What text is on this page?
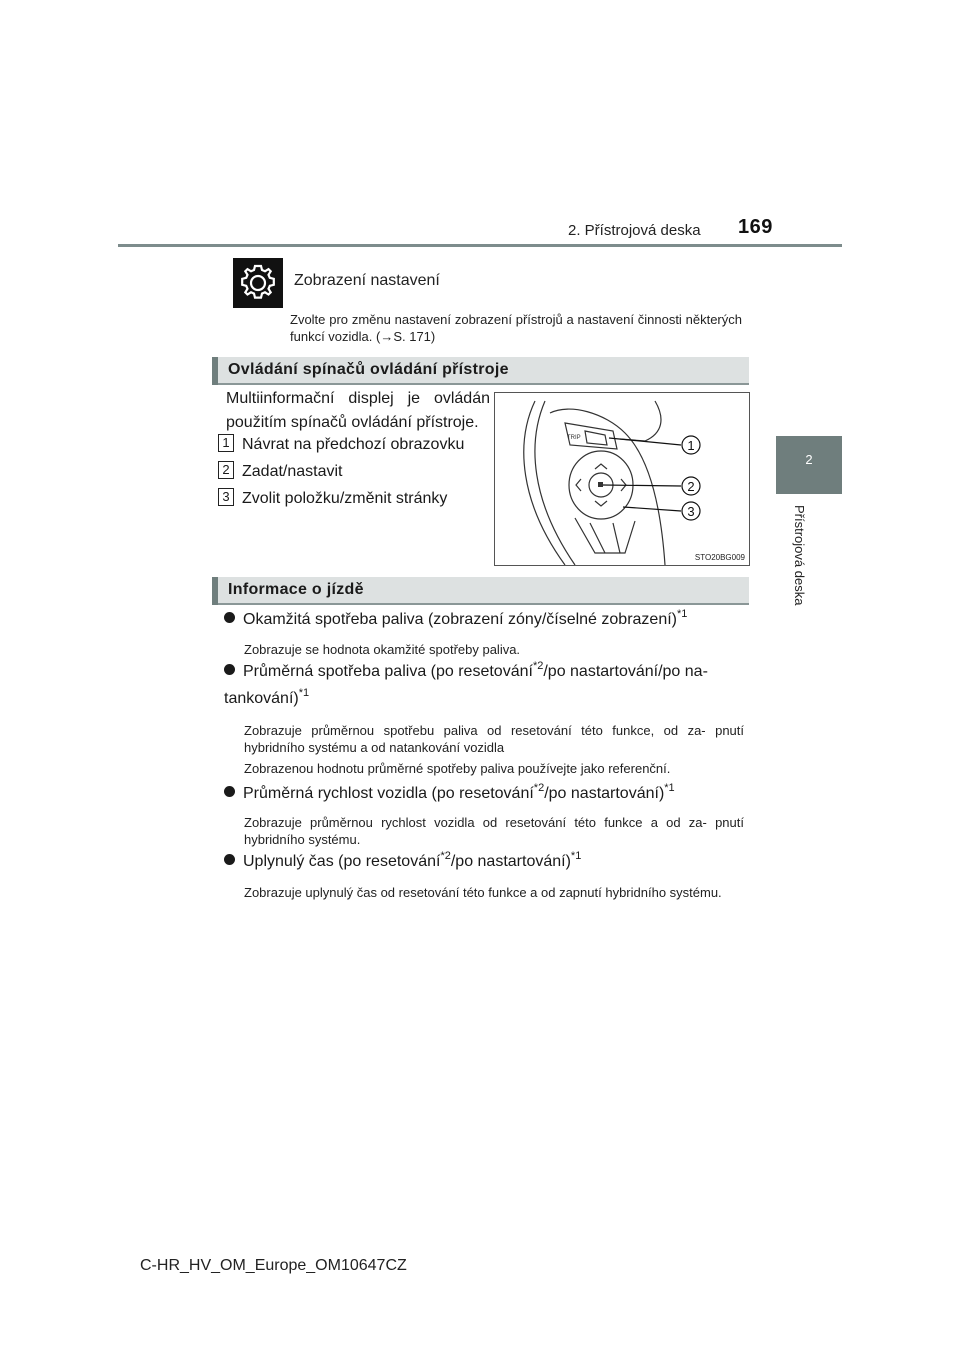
2. Přístrojová deska 169
2
Přístrojová deska
Zobrazení nastavení
Zvolte pro změnu nastavení zobrazení přístrojů a nastavení činnosti některých funkcí vozidla. (→S. 171)
Ovládání spínačů ovládání přístroje
Multiinformační displej je ovládán použitím spínačů ovládání přístroje.
1 Návrat na předchozí obrazovku
2 Zadat/nastavit
3 Zvolit položku/změnit stránky
TRIP	1
2
3
STO20BG009
Informace o jízdě
Okamžitá spotřeba paliva (zobrazení zóny/číselné zobrazení)$^{*1}$
Zobrazuje se hodnota okamžité spotřeby paliva.
Průměrná spotřeba paliva (po resetování$^{*2}$/po nastartování/po na-
tankování)$^{*1}$
Zobrazuje průměrnou spotřebu paliva od resetování této funkce, od za- pnutí hybridního systému a od natankování vozidla
Zobrazenou hodnotu průměrné spotřeby paliva používejte jako referenční.
Průměrná rychlost vozidla (po resetování$^{*2}$/po nastartování)$^{*1}$
Zobrazuje průměrnou rychlost vozidla od resetování této funkce a od za- pnutí hybridního systému.
Uplynulý čas (po resetování$^{*2}$/po nastartování)$^{*1}$
Zobrazuje uplynulý čas od resetování této funkce a od zapnutí hybridního systému.
C-HR_HV_OM_Europe_OM10647CZ
